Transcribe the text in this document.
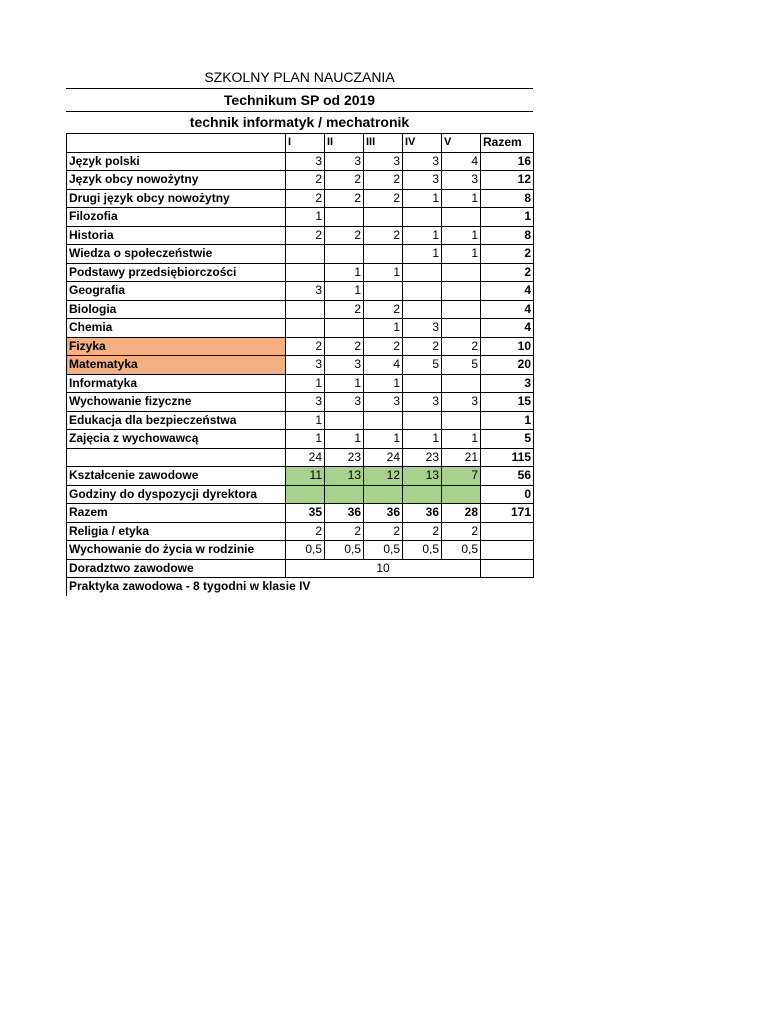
SZKOLNY PLAN NAUCZANIA
Technikum SP od 2019
technik informatyk / mechatronik
	I	II	III	IV	V	Razem
Język polski	3	3	3	3	4	16
Język obcy nowożytny	2	2	2	3	3	12
Drugi język obcy nowożytny	2	2	2	1	1	8
Filozofia	1					1
Historia	2	2	2	1	1	8
Wiedza o społeczeństwie				1	1	2
Podstawy przedsiębiorczości		1	1			2
Geografia	3	1				4
Biologia		2	2			4
Chemia			1	3		4
Fizyka	2	2	2	2	2	10
Matematyka	3	3	4	5	5	20
Informatyka	1	1	1			3
Wychowanie fizyczne	3	3	3	3	3	15
Edukacja dla bezpieczeństwa	1					1
Zajęcia z wychowawcą	1	1	1	1	1	5
	24	23	24	23	21	115
Kształcenie zawodowe	11	13	12	13	7	56
Godziny do dyspozycji dyrektora						0
Razem	35	36	36	36	28	171
Religia / etyka	2	2	2	2	2	
Wychowanie do życia w rodzinie	0,5	0,5	0,5	0,5	0,5	
Doradztwo zawodowe	10					
Praktyka zawodowa - 8 tygodni w klasie IV
